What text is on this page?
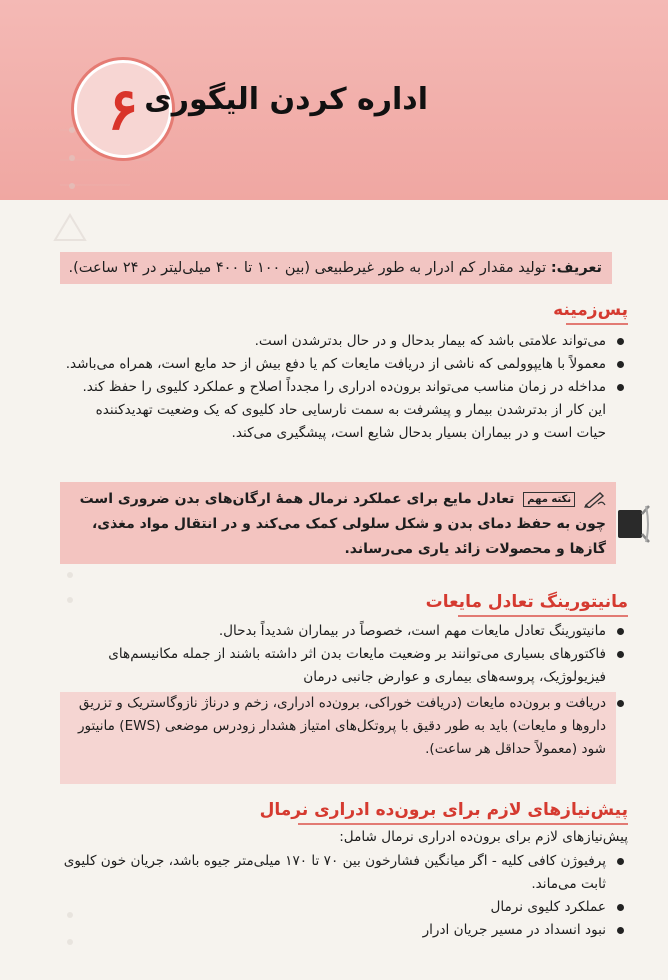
۶ اداره کردن الیگوری
تعریف: تولید مقدار کم ادرار به طور غیرطبیعی (بین ۱۰۰ تا ۴۰۰ میلی‌لیتر در ۲۴ ساعت).
پس‌زمینه
می‌تواند علامتی باشد که بیمار بدحال و در حال بدترشدن است.
معمولاً با هایپوولمی که ناشی از دریافت مایعات کم یا دفع بیش از حد مایع است، همراه می‌باشد.
مداخله در زمان مناسب می‌تواند برون‌ده ادراری را مجدداً اصلاح و عملکرد کلیوی را حفظ کند. این کار از بدترشدن بیمار و پیشرفت به سمت نارسایی حاد کلیوی که یک وضعیت تهدیدکننده حیات است و در بیماران بسیار بدحال شایع است، پیشگیری می‌کند.
نکته مهم تعادل مایع برای عملکرد نرمال همهٔ ارگان‌های بدن ضروری است چون به حفظ دمای بدن و شکل سلولی کمک می‌کند و در انتقال مواد مغذی، گازها و محصولات زائد یاری می‌رساند.
مانیتورینگ تعادل مایعات
مانیتورینگ تعادل مایعات مهم است، خصوصاً در بیماران شدیداً بدحال.
فاکتورهای بسیاری می‌توانند بر وضعیت مایعات بدن اثر داشته باشند از جمله مکانیسم‌های فیزیولوژیک، پروسه‌های بیماری و عوارض جانبی درمان
دریافت و برون‌ده مایعات (دریافت خوراکی، برون‌ده ادراری، زخم و درناژ نازوگاستریک و تزریق داروها و مایعات) باید به طور دقیق با پروتکل‌های امتیاز هشدار زودرس موضعی (EWS) مانیتور شود (معمولاً حداقل هر ساعت).
پیش‌نیازهای لازم برای برون‌ده ادراری نرمال
پیش‌نیازهای لازم برای برون‌ده ادراری نرمال شامل:
پرفیوژن کافی کلیه - اگر میانگین فشارخون بین ۷۰ تا ۱۷۰ میلی‌متر جیوه باشد، جریان خون کلیوی ثابت می‌ماند.
عملکرد کلیوی نرمال
نبود انسداد در مسیر جریان ادرار
